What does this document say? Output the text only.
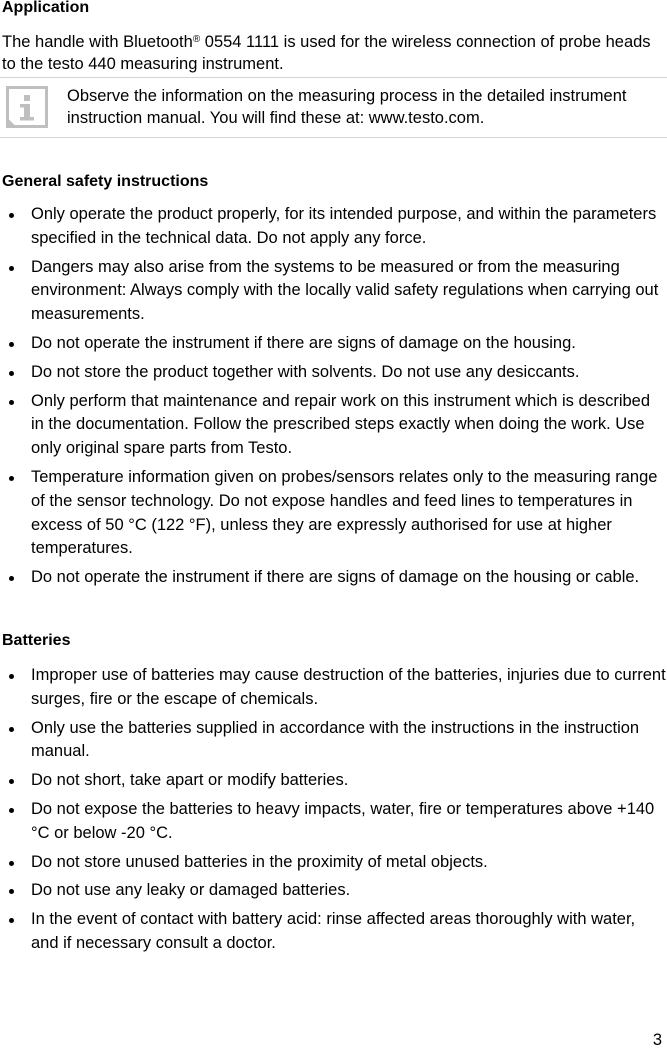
Application
The handle with Bluetooth® 0554 1111 is used for the wireless connection of probe heads to the testo 440 measuring instrument.
Observe the information on the measuring process in the detailed instrument instruction manual. You will find these at: www.testo.com.
General safety instructions
Only operate the product properly, for its intended purpose, and within the parameters specified in the technical data. Do not apply any force.
Dangers may also arise from the systems to be measured or from the measuring environment: Always comply with the locally valid safety regulations when carrying out measurements.
Do not operate the instrument if there are signs of damage on the housing.
Do not store the product together with solvents. Do not use any desiccants.
Only perform that maintenance and repair work on this instrument which is described in the documentation. Follow the prescribed steps exactly when doing the work. Use only original spare parts from Testo.
Temperature information given on probes/sensors relates only to the measuring range of the sensor technology. Do not expose handles and feed lines to temperatures in excess of 50 °C (122 °F), unless they are expressly authorised for use at higher temperatures.
Do not operate the instrument if there are signs of damage on the housing or cable.
Batteries
Improper use of batteries may cause destruction of the batteries, injuries due to current surges, fire or the escape of chemicals.
Only use the batteries supplied in accordance with the instructions in the instruction manual.
Do not short, take apart or modify batteries.
Do not expose the batteries to heavy impacts, water, fire or temperatures above +140 °C or below -20 °C.
Do not store unused batteries in the proximity of metal objects.
Do not use any leaky or damaged batteries.
In the event of contact with battery acid: rinse affected areas thoroughly with water, and if necessary consult a doctor.
3
